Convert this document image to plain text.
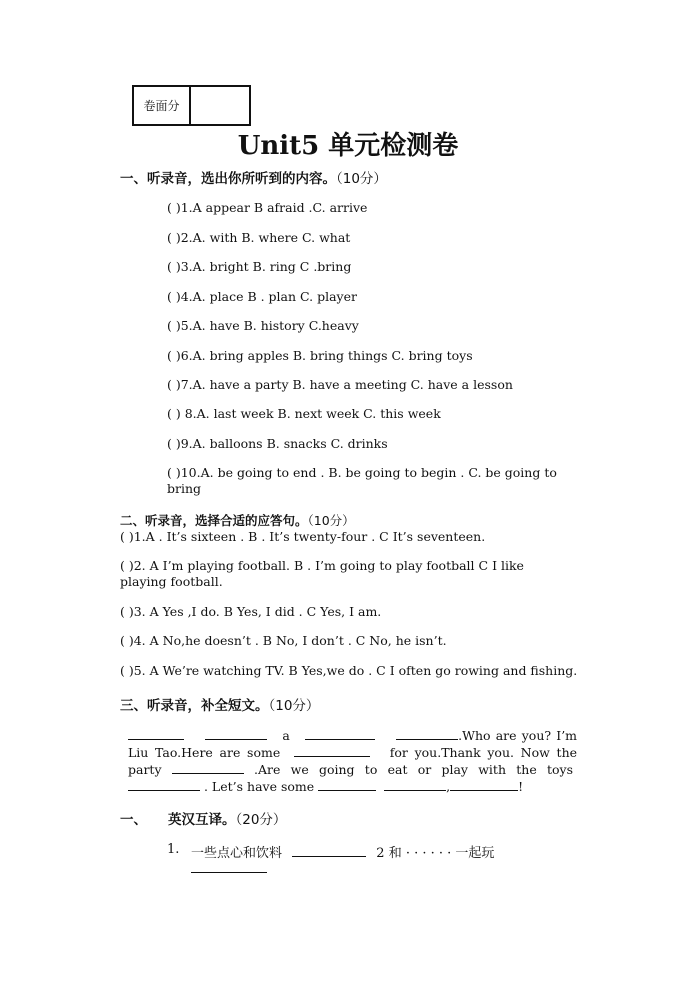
卷面分
Unit5 单元检测卷
一、听录音，选出你所听到的内容。（10分）
( )1.A appear B afraid .C. arrive
( )2.A. with B. where C. what
( )3.A. bright B. ring C .bring
( )4.A. place B . plan C. player
( )5.A. have B. history C.heavy
( )6.A. bring apples B. bring things C. bring toys
( )7.A. have a party B. have a meeting C. have a lesson
( ) 8.A. last week B. next week C. this week
( )9.A. balloons B. snacks C. drinks
( )10.A. be going to end . B. be going to begin . C. be going to
bring
二、听录音，选择合适的应答句。（10分）
( )1.A . It’s sixteen . B . It’s twenty-four . C It’s seventeen.
( )2. A I’m playing football. B . I’m going to play football C I like
playing football.
( )3. A Yes ,I do. B Yes, I did . C Yes, I am.
( )4. A No,he doesn’t . B No, I don’t . C No, he isn’t.
( )5. A We’re watching TV. B Yes,we do . C I often go rowing and fishing.
三、听录音，补全短文。（10分）
a	.Who are you? I’m Liu Tao.Here are some	for you.Thank you. Now the party	.Are we going to eat or play with the toys  . Let’s have some	,	!
一、 英汉互译。（20分）
1. 一些点心和饮料	2 和 · · · · · · 一起玩
